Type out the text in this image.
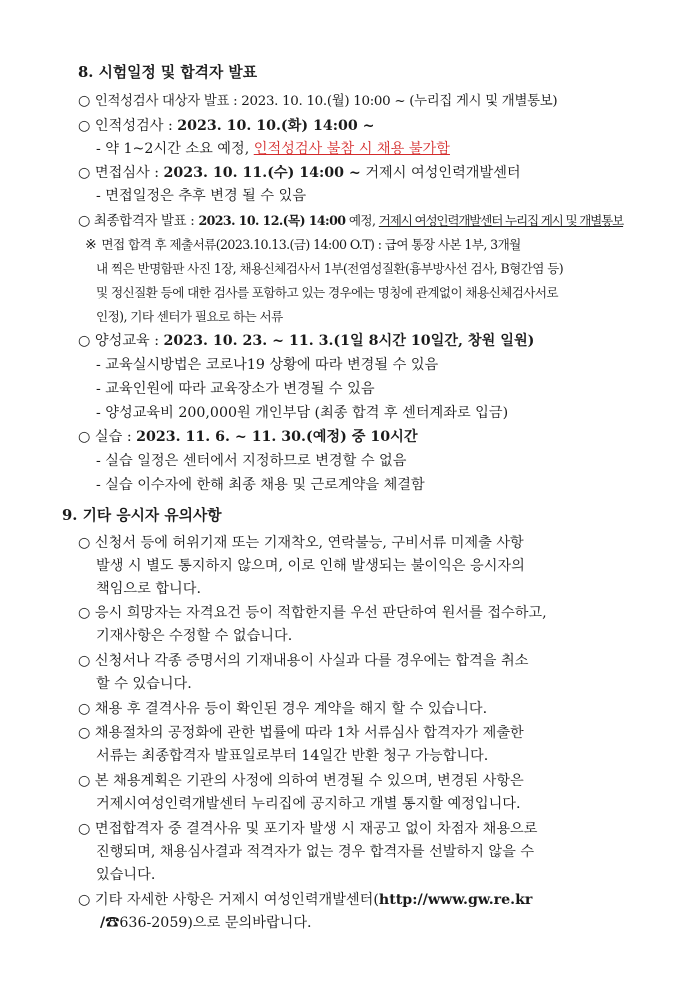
8. 시험일정 및 합격자 발표
○ 인적성검사 대상자 발표 : 2023. 10. 10.(월) 10:00 ~ (누리집 게시 및 개별통보)
○ 인적성검사 : 2023. 10. 10.(화) 14:00 ~
- 약 1~2시간 소요 예정, 인적성검사 불참 시 채용 불가함
○ 면접심사 : 2023. 10. 11.(수) 14:00 ~ 거제시 여성인력개발센터
- 면접일정은 추후 변경 될 수 있음
○ 최종합격자 발표 : 2023. 10. 12.(목) 14:00 예정, 거제시 여성인력개발센터 누리집 게시 및 개별통보
※ 면접 합격 후 제출서류(2023.10.13.(금) 14:00 O.T) : 급여 통장 사본 1부, 3개월
내 찍은 반명함판 사진 1장, 채용신체검사서 1부(전염성질환(흉부방사선 검사, B형간염 등)
및 정신질환 등에 대한 검사를 포함하고 있는 경우에는 명칭에 관계없이 채용신체검사서로
인정), 기타 센터가 필요로 하는 서류
○ 양성교육 : 2023. 10. 23. ~ 11. 3.(1일 8시간 10일간, 창원 일원)
- 교육실시방법은 코로나19 상황에 따라 변경될 수 있음
- 교육인원에 따라 교육장소가 변경될 수 있음
- 양성교육비 200,000원 개인부담 (최종 합격 후 센터계좌로 입금)
○ 실습 : 2023. 11. 6. ~ 11. 30.(예정) 중 10시간
- 실습 일정은 센터에서 지정하므로 변경할 수 없음
- 실습 이수자에 한해 최종 채용 및 근로계약을 체결함
9. 기타 응시자 유의사항
○ 신청서 등에 허위기재 또는 기재착오, 연락불능, 구비서류 미제출 사항
발생 시 별도 통지하지 않으며, 이로 인해 발생되는 불이익은 응시자의
책임으로 합니다.
○ 응시 희망자는 자격요건 등이 적합한지를 우선 판단하여 원서를 접수하고,
기재사항은 수정할 수 없습니다.
○ 신청서나 각종 증명서의 기재내용이 사실과 다를 경우에는 합격을 취소
할 수 있습니다.
○ 채용 후 결격사유 등이 확인된 경우 계약을 해지 할 수 있습니다.
○ 채용절차의 공정화에 관한 법률에 따라 1차 서류심사 합격자가 제출한
서류는 최종합격자 발표일로부터 14일간 반환 청구 가능합니다.
○ 본 채용계획은 기관의 사정에 의하여 변경될 수 있으며, 변경된 사항은
거제시여성인력개발센터 누리집에 공지하고 개별 통지할 예정입니다.
○ 면접합격자 중 결격사유 및 포기자 발생 시 재공고 없이 차점자 채용으로
진행되며, 채용심사결과 적격자가 없는 경우 합격자를 선발하지 않을 수
있습니다.
○ 기타 자세한 사항은 거제시 여성인력개발센터(http://www.gw.re.kr
/☎636-2059)으로 문의바랍니다.
